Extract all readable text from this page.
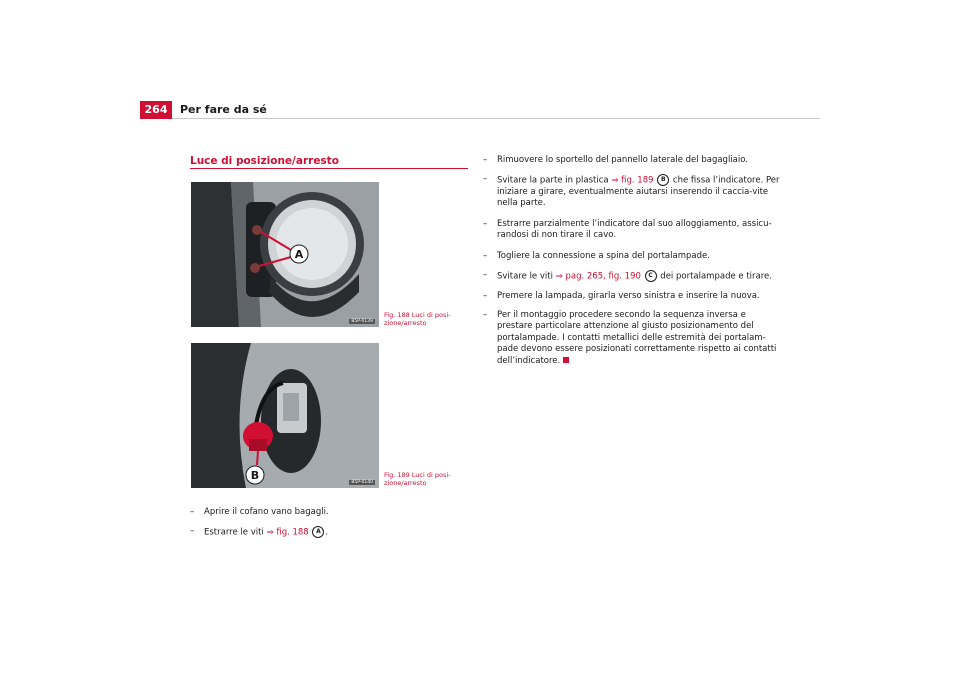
264	Per fare da sé
Luce di posizione/arresto
A
B5P-0139
Fig. 188 Luci di posi-zione/arresto
B
B5P-0140
Fig. 189 Luci di posi-zione/arresto
–	Aprire il cofano vano bagagli.
–	Estrarre le viti ⇒ fig. 188 A .
–	Rimuovere lo sportello del pannello laterale del bagagliaio.
–	Svitare la parte in plastica ⇒ fig. 189 B che fissa l’indicatore. Per iniziare a girare, eventualmente aiutarsi inserendo il caccia-vite nella parte.
–	Estrarre parzialmente l’indicatore dal suo alloggiamento, assicu-randosi di non tirare il cavo.
–	Togliere la connessione a spina del portalampade.
–	Svitare le viti ⇒ pag. 265, fig. 190 C dei portalampade e tirare.
–	Premere la lampada, girarla verso sinistra e inserire la nuova.
–	Per il montaggio procedere secondo la sequenza inversa e prestare particolare attenzione al giusto posizionamento del portalampade. I contatti metallici delle estremità dei portalam-pade devono essere posizionati correttamente rispetto ai contatti dell’indicatore.
